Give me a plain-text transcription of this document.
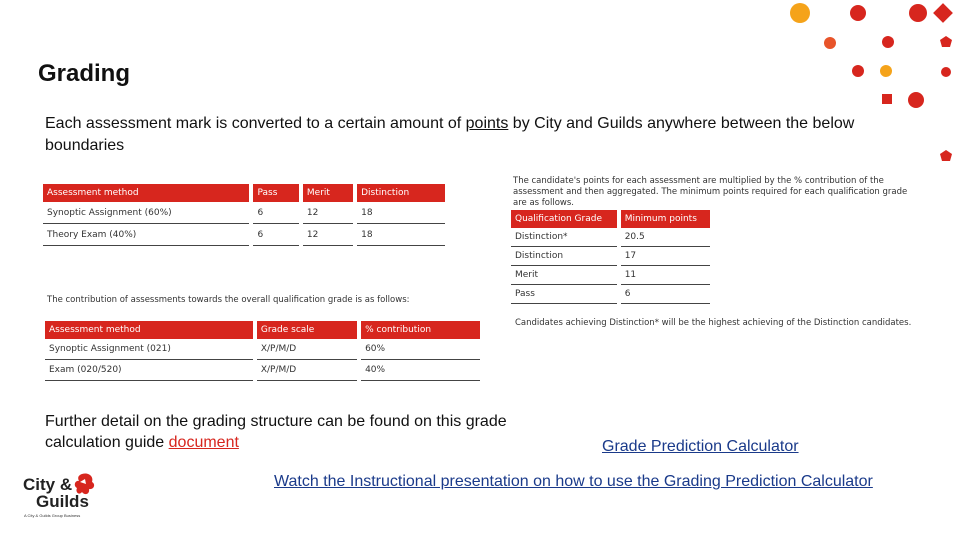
Grading
Each assessment mark is converted to a certain amount of points by City and Guilds anywhere between the below boundaries
Assessment method	Pass	Merit	Distinction
Synoptic Assignment (60%)	6	12	18
Theory Exam (40%)	6	12	18
The candidate's points for each assessment are multiplied by the % contribution of the assessment and then aggregated. The minimum points required for each qualification grade are as follows.
Qualification Grade	Minimum points
Distinction*	20.5
Distinction	17
Merit	11
Pass	6
Candidates achieving Distinction* will be the highest achieving of the Distinction candidates.
The contribution of assessments towards the overall qualification grade is as follows:
Assessment method	Grade scale	% contribution
Synoptic Assignment (021)	X/P/M/D	60%
Exam (020/520)	X/P/M/D	40%
Further detail on the grading structure can be found on this grade calculation guide document	Grade Prediction Calculator
Watch the Instructional presentation on how to use the Grading Prediction Calculator
City &
Guilds
A City & Guilds Group Business
